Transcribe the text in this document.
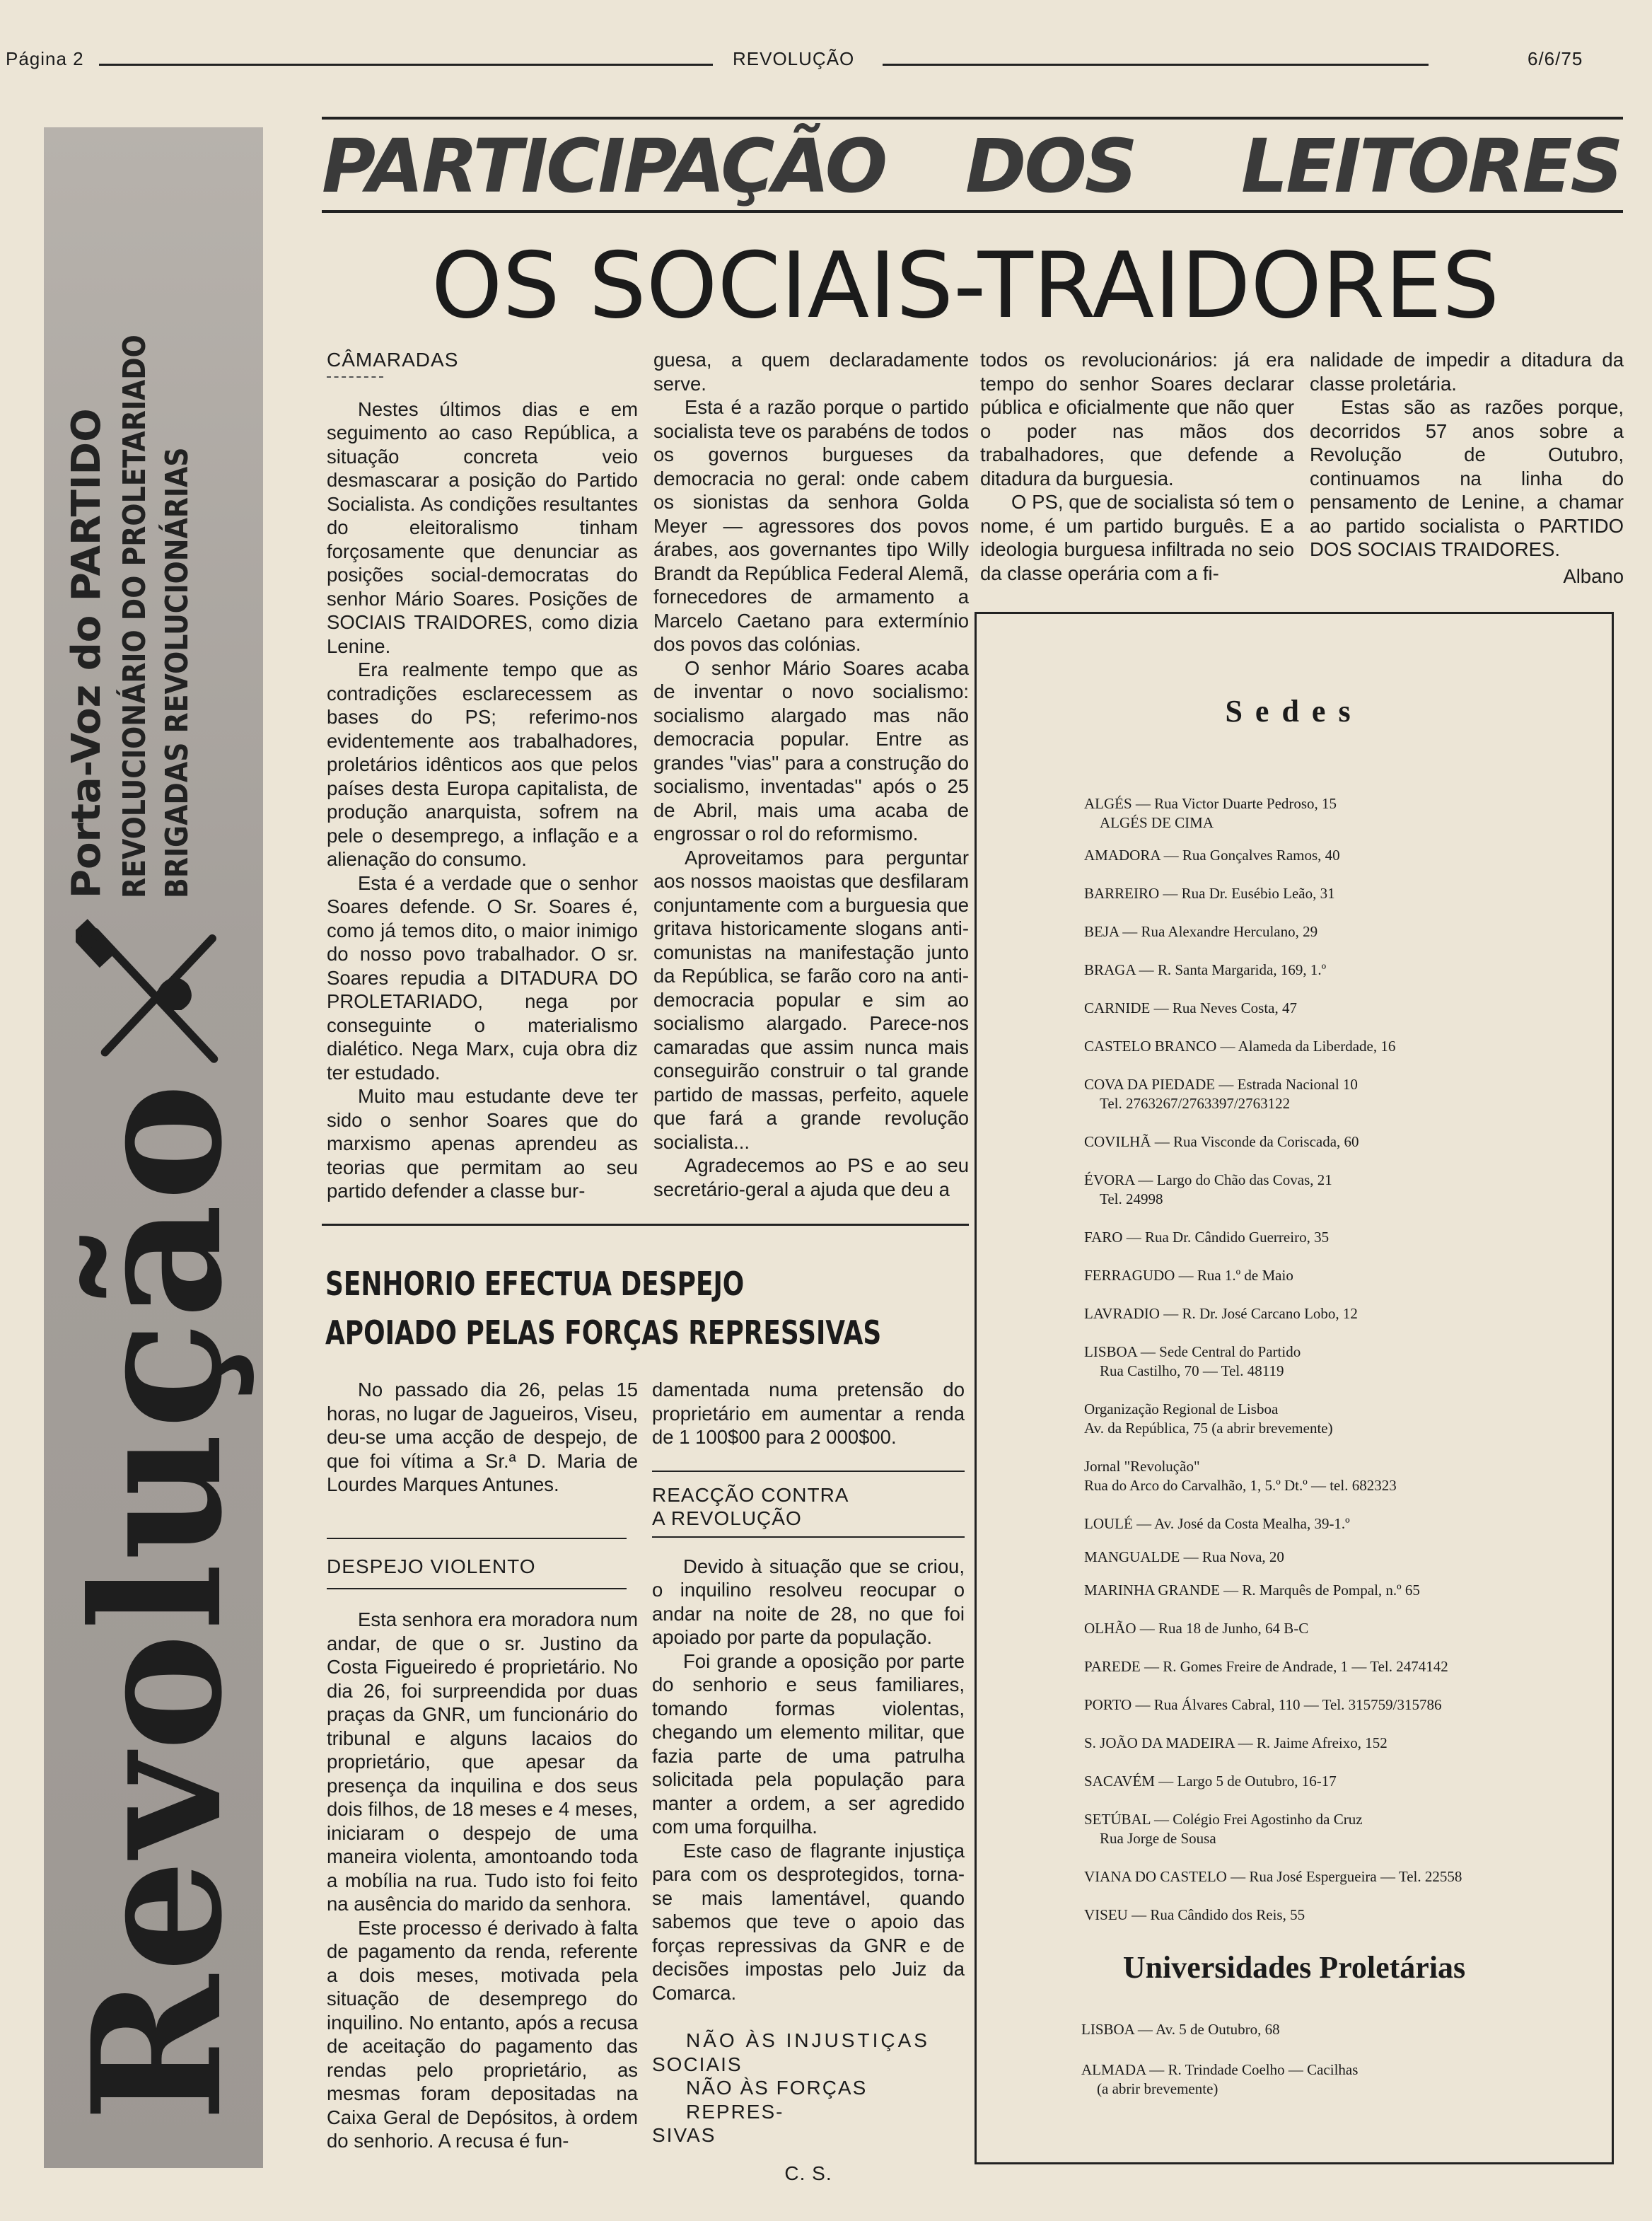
Página 2	REVOLUÇÃO	6/6/75
Revolução
Porta-Voz do PARTIDO REVOLUCIONÁRIO DO PROLETARIADO BRIGADAS REVOLUCIONÁRIAS
PARTICIPAÇÃO DOS LEITORES
OS SOCIAIS-TRAIDORES
CÂMARADAS

Nestes últimos dias e em seguimento ao caso República, a situação concreta veio desmascarar a posição do Partido Socialista. As condições resultantes do eleitoralismo tinham forçosamente que denunciar as posições social-democratas do senhor Mário Soares. Posições de SOCIAIS TRAIDORES, como dizia Lenine.

Era realmente tempo que as contradições esclarecessem as bases do PS; referimo-nos evidentemente aos trabalhadores, proletários idênticos aos que pelos países desta Europa capitalista, de produção anarquista, sofrem na pele o desemprego, a inflação e a alienação do consumo.

Esta é a verdade que o senhor Soares defende. O Sr. Soares é, como já temos dito, o maior inimigo do nosso povo trabalhador. O sr. Soares repudia a DITADURA DO PROLETARIADO, nega por conseguinte o materialismo dialético. Nega Marx, cuja obra diz ter estudado.

Muito mau estudante deve ter sido o senhor Soares que do marxismo apenas aprendeu as teorias que permitam ao seu partido defender a classe bur-

guesa, a quem declaradamente serve.

Esta é a razão porque o partido socialista teve os parabéns de todos os governos burgueses da democracia no geral: onde cabem os sionistas da senhora Golda Meyer — agressores dos povos árabes, aos governantes tipo Willy Brandt da República Federal Alemã, fornecedores de armamento a Marcelo Caetano para extermínio dos povos das colónias.

O senhor Mário Soares acaba de inventar o novo socialismo: socialismo alargado mas não democracia popular. Entre as grandes ''vias'' para a construção do socialismo, inventadas'' após o 25 de Abril, mais uma acaba de engrossar o rol do reformismo.

Aproveitamos para perguntar aos nossos maoistas que desfilaram conjuntamente com a burguesia que gritava historicamente slogans anti-comunistas na manifestação junto da República, se farão coro na anti-democracia popular e sim ao socialismo alargado. Parece-nos camaradas que assim nunca mais conseguirão construir o tal grande partido de massas, perfeito, aquele que fará a grande revolução socialista...

Agradecemos ao PS e ao seu secretário-geral a ajuda que deu a

todos os revolucionários: já era tempo do senhor Soares declarar pública e oficialmente que não quer o poder nas mãos dos trabalhadores, que defende a ditadura da burguesia.

O PS, que de socialista só tem o nome, é um partido burguês. E a ideologia burguesa infiltrada no seio da classe operária com a fi-

nalidade de impedir a ditadura da classe proletária.

Estas são as razões porque, decorridos 57 anos sobre a Revolução de Outubro, continuamos na linha do pensamento de Lenine, a chamar ao partido socialista o PARTIDO DOS SOCIAIS TRAIDORES.

Albano

SENHORIO EFECTUA DESPEJO
APOIADO PELAS FORÇAS REPRESSIVAS

No passado dia 26, pelas 15 horas, no lugar de Jagueiros, Viseu, deu-se uma acção de despejo, de que foi vítima a Sr.ª D. Maria de Lourdes Marques Antunes.

DESPEJO VIOLENTO

Esta senhora era moradora num andar, de que o sr. Justino da Costa Figueiredo é proprietário. No dia 26, foi surpreendida por duas praças da GNR, um funcionário do tribunal e alguns lacaios do proprietário, que apesar da presença da inquilina e dos seus dois filhos, de 18 meses e 4 meses, iniciaram o despejo de uma maneira violenta, amontoando toda a mobília na rua. Tudo isto foi feito na ausência do marido da senhora.

Este processo é derivado à falta de pagamento da renda, referente a dois meses, motivada pela situação de desemprego do inquilino. No entanto, após a recusa de aceitação do pagamento das rendas pelo proprietário, as mesmas foram depositadas na Caixa Geral de Depósitos, à ordem do senhorio. A recusa é fun-

damentada numa pretensão do proprietário em aumentar a renda de 1 100$00 para 2 000$00.

REACÇÃO CONTRA
A REVOLUÇÃO

Devido à situação que se criou, o inquilino resolveu reocupar o andar na noite de 28, no que foi apoiado por parte da população.

Foi grande a oposição por parte do senhorio e seus familiares, tomando formas violentas, chegando um elemento militar, que fazia parte de uma patrulha solicitada pela população para manter a ordem, a ser agredido com uma forquilha.

Este caso de flagrante injustiça para com os desprotegidos, torna-se mais lamentável, quando sabemos que teve o apoio das forças repressivas da GNR e de decisões impostas pelo Juiz da Comarca.

NÃO ÀS INJUSTIÇAS
SOCIAIS
NÃO ÀS FORÇAS REPRES-
SIVAS
C. S.
Sedes
ALGÉS — Rua Victor Duarte Pedroso, 15
ALGÉS DE CIMA
AMADORA — Rua Gonçalves Ramos, 40
BARREIRO — Rua Dr. Eusébio Leão, 31
BEJA — Rua Alexandre Herculano, 29
BRAGA — R. Santa Margarida, 169, 1.º
CARNIDE — Rua Neves Costa, 47
CASTELO BRANCO — Alameda da Liberdade, 16
COVA DA PIEDADE — Estrada Nacional 10
Tel. 2763267/2763397/2763122
COVILHÃ — Rua Visconde da Coriscada, 60
ÉVORA — Largo do Chão das Covas, 21
Tel. 24998
FARO — Rua Dr. Cândido Guerreiro, 35
FERRAGUDO — Rua 1.º de Maio
LAVRADIO — R. Dr. José Carcano Lobo, 12
LISBOA — Sede Central do Partido
Rua Castilho, 70 — Tel. 48119
Organização Regional de Lisboa
Av. da República, 75 (a abrir brevemente)
Jornal "Revolução"
Rua do Arco do Carvalhão, 1, 5.º Dt.º — tel. 682323
LOULÉ — Av. José da Costa Mealha, 39-1.º
MANGUALDE — Rua Nova, 20
MARINHA GRANDE — R. Marquês de Pompal, n.º 65
OLHÃO — Rua 18 de Junho, 64 B-C
PAREDE — R. Gomes Freire de Andrade, 1 — Tel. 2474142
PORTO — Rua Álvares Cabral, 110 — Tel. 315759/315786
S. JOÃO DA MADEIRA — R. Jaime Afreixo, 152
SACAVÉM — Largo 5 de Outubro, 16-17
SETÚBAL — Colégio Frei Agostinho da Cruz
Rua Jorge de Sousa
VIANA DO CASTELO — Rua José Espergueira — Tel. 22558
VISEU — Rua Cândido dos Reis, 55
Universidades Proletárias
LISBOA — Av. 5 de Outubro, 68
ALMADA — R. Trindade Coelho — Cacilhas
(a abrir brevemente)
